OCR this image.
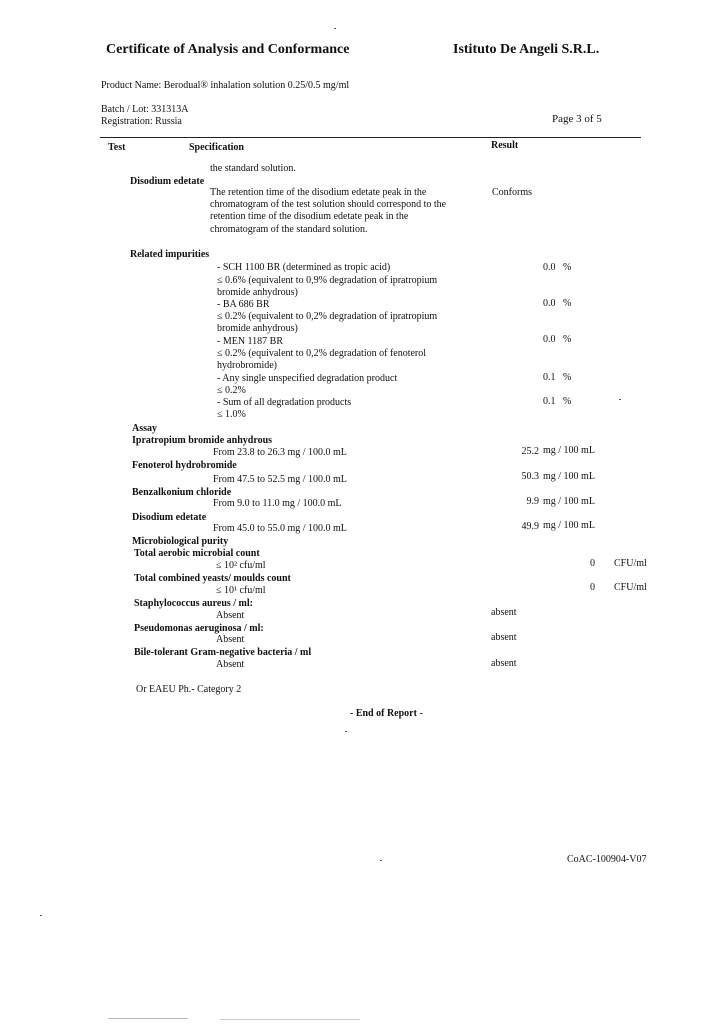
Certificate of Analysis and Conformance	Istituto De Angeli S.R.L.
Product Name: Berodual® inhalation solution 0.25/0.5 mg/ml
Batch / Lot: 331313A
Registration: Russia	Page 3 of 5
Test	Specification	Result
the standard solution.
Disodium edetate
The retention time of the disodium edetate peak in the
chromatogram of the test solution should correspond to the
retention time of the disodium edetate peak in the
chromatogram of the standard solution.
Conforms
Related impurities
- SCH 1100 BR (determined as tropic acid)
≤ 0.6% (equivalent to 0,9% degradation of ipratropium
bromide anhydrous)
0.0 %
- BA 686 BR
≤ 0.2% (equivalent to 0,2% degradation of ipratropium
bromide anhydrous)
0.0 %
- MEN 1187 BR
≤ 0.2% (equivalent to 0,2% degradation of fenoterol
hydrobromide)
0.0 %
- Any single unspecified degradation product
≤ 0.2%
0.1 %
- Sum of all degradation products
≤ 1.0%
0.1 %
Assay
Ipratropium bromide anhydrous
From 23.8 to 26.3 mg / 100.0 mL	25.2 mg / 100 mL
Fenoterol hydrobromide
From 47.5 to 52.5 mg / 100.0 mL	50.3 mg / 100 mL
Benzalkonium chloride
From 9.0 to 11.0 mg / 100.0 mL	9.9 mg / 100 mL
Disodium edetate
From 45.0 to 55.0 mg / 100.0 mL	49.9 mg / 100 mL
Microbiological purity
Total aerobic microbial count
≤ 10² cfu/ml	0 CFU/ml
Total combined yeasts/ moulds count
≤ 10¹ cfu/ml	0 CFU/ml
Staphylococcus aureus / ml:
Absent	absent
Pseudomonas aeruginosa / ml:
Absent	absent
Bile-tolerant Gram-negative bacteria / ml
Absent	absent
Or EAEU Ph.- Category 2
- End of Report -
CoAC-100904-V07
